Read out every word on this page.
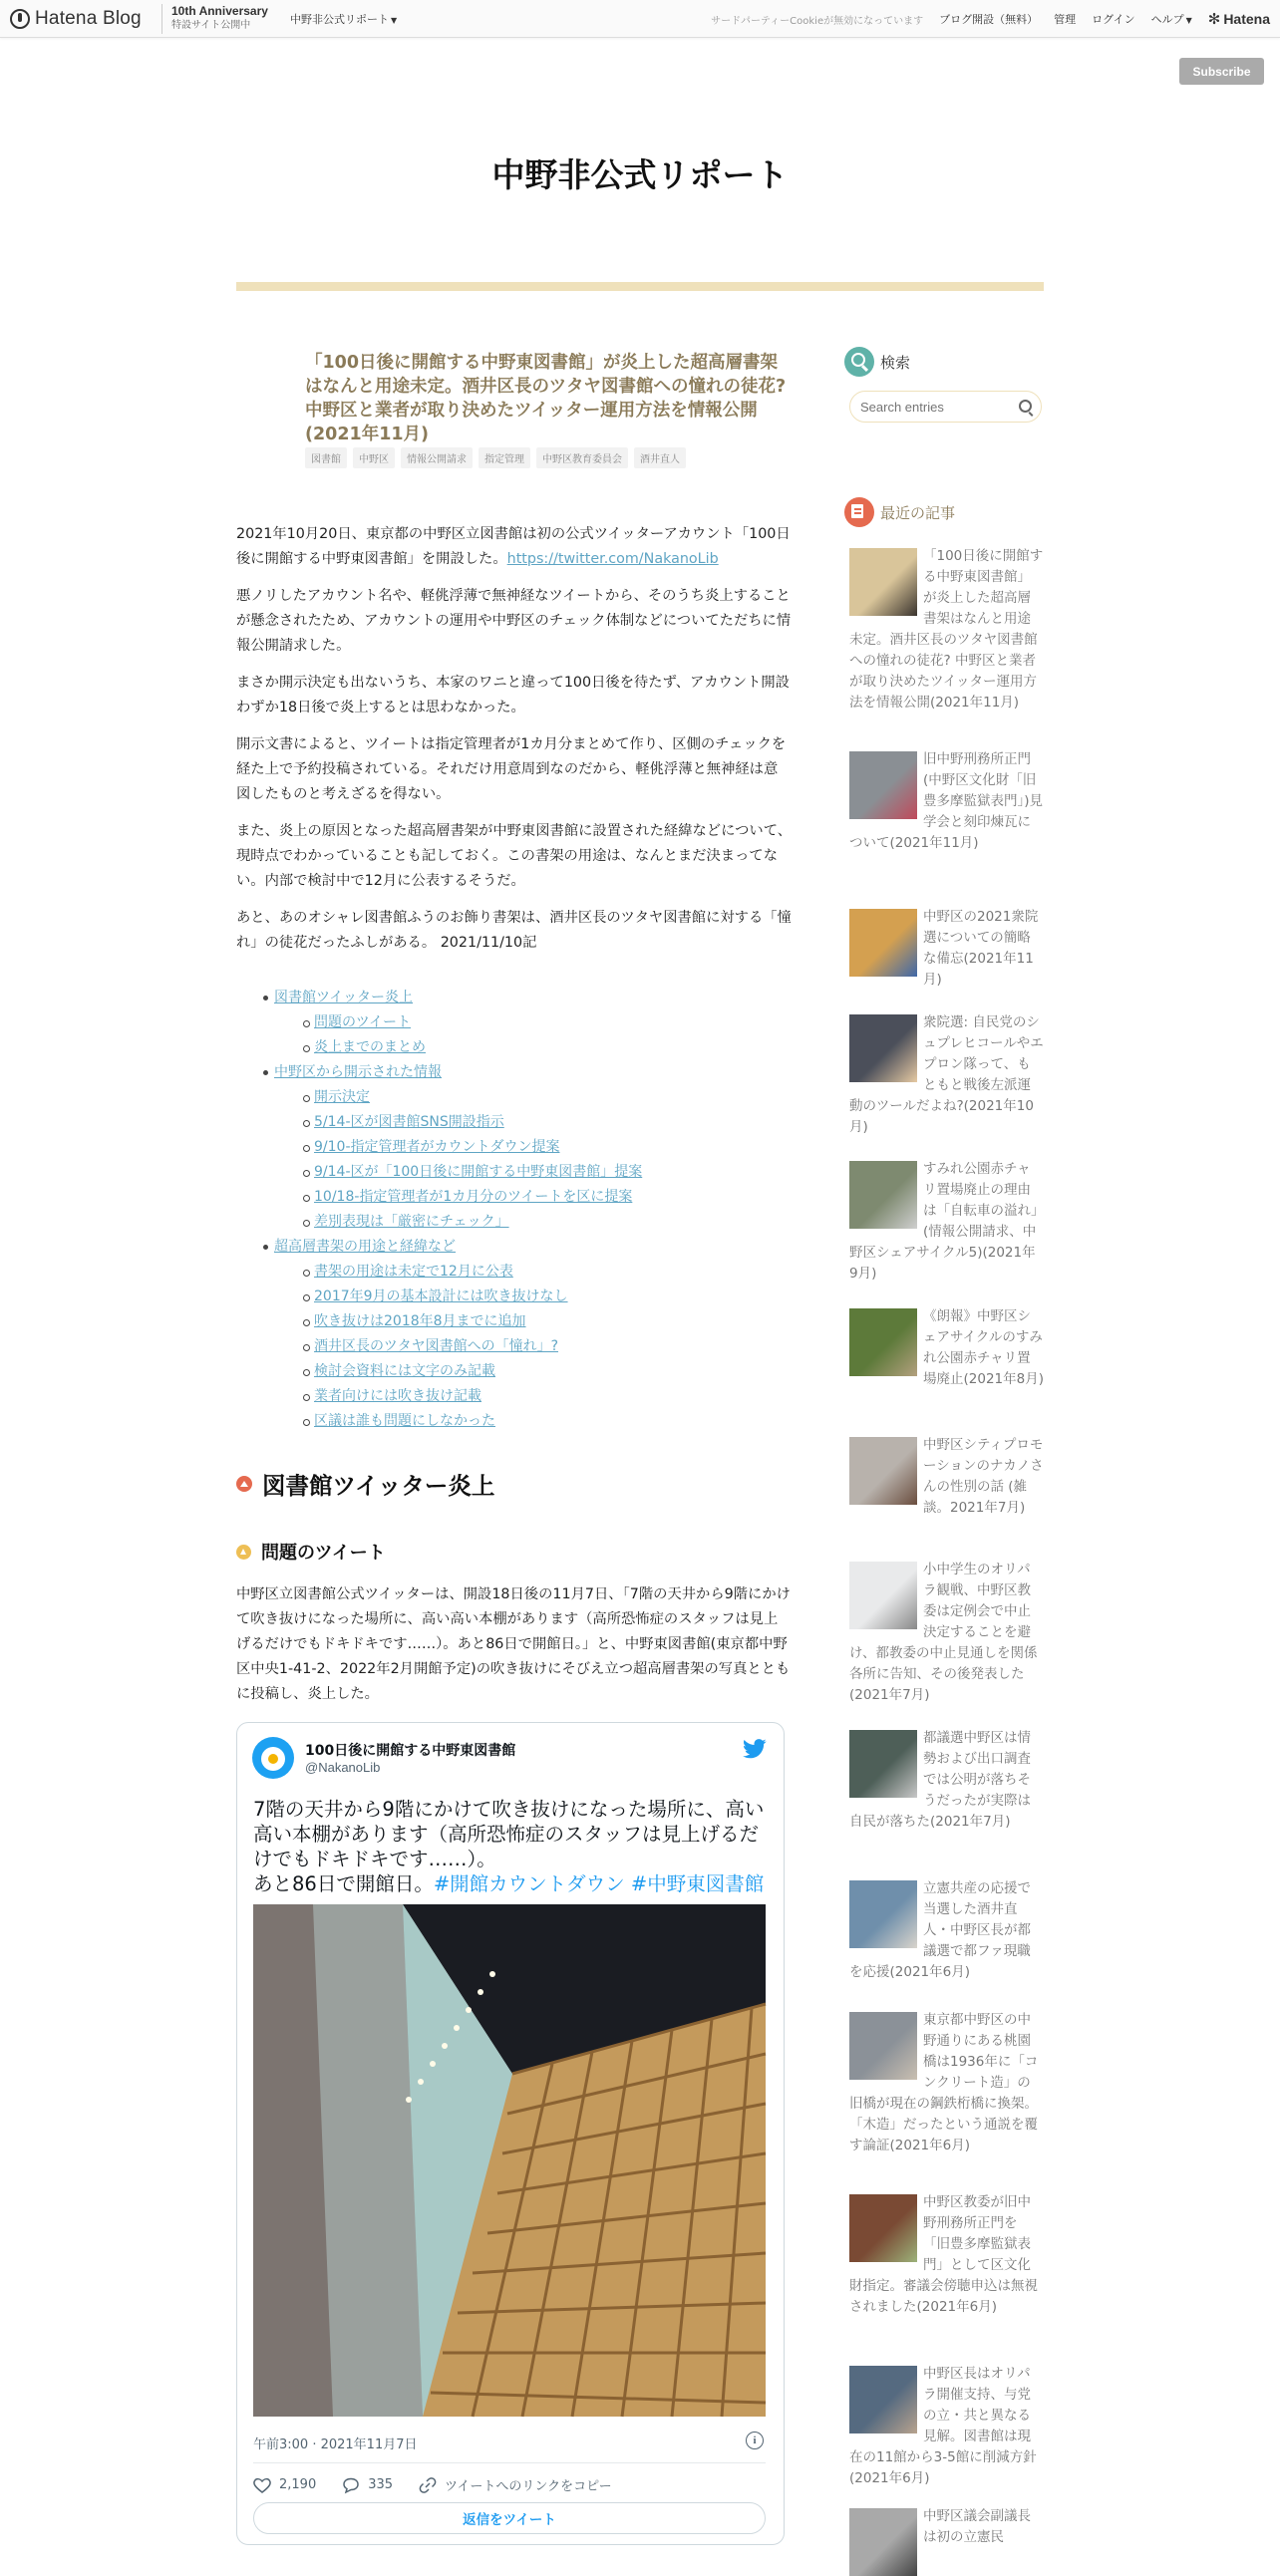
Hatena Blog	10th Anniversary
特設サイト公開中	中野非公式リポート ▼	サードパーティーCookieが無効になっています ブログ開設（無料） 管理 ログイン ヘルプ ▼ ✻ Hatena
Subscribe
中野非公式リポート
「100日後に開館する中野東図書館」が炎上した超高層書架はなんと用途未定。酒井区長のツタヤ図書館への憧れの徒花? 中野区と業者が取り決めたツイッター運用方法を情報公開 (2021年11月)
図書館	中野区	情報公開請求	指定管理	中野区教育委員会	酒井直人

2021年10月20日、東京都の中野区立図書館は初の公式ツイッターアカウント「100日後に開館する中野東図書館」を開設した。https://twitter.com/NakanoLib

悪ノリしたアカウント名や、軽佻浮薄で無神経なツイートから、そのうち炎上することが懸念されたため、アカウントの運用や中野区のチェック体制などについてただちに情報公開請求した。

まさか開示決定も出ないうち、本家のワニと違って100日後を待たず、アカウント開設わずか18日後で炎上するとは思わなかった。

開示文書によると、ツイートは指定管理者が1カ月分まとめて作り、区側のチェックを経た上で予約投稿されている。それだけ用意周到なのだから、軽佻浮薄と無神経は意図したものと考えざるを得ない。

また、炎上の原因となった超高層書架が中野東図書館に設置された経緯などについて、現時点でわかっていることも記しておく。この書架の用途は、なんとまだ決まってない。内部で検討中で12月に公表するそうだ。

あと、あのオシャレ図書館ふうのお飾り書架は、酒井区長のツタヤ図書館に対する「憧れ」の徒花だったふしがある。 2021/11/10記

図書館ツイッター炎上
問題のツイート
炎上までのまとめ
中野区から開示された情報
開示決定
5/14-区が図書館SNS開設指示
9/10-指定管理者がカウントダウン提案
9/14-区が「100日後に開館する中野東図書館」提案
10/18-指定管理者が1カ月分のツイートを区に提案
差別表現は「厳密にチェック」
超高層書架の用途と経緯など
書架の用途は未定で12月に公表
2017年9月の基本設計には吹き抜けなし
吹き抜けは2018年8月までに追加
酒井区長のツタヤ図書館への「憧れ」?
検討会資料には文字のみ記載
業者向けには吹き抜け記載
区議は誰も問題にしなかった
図書館ツイッター炎上
問題のツイート

中野区立図書館公式ツイッターは、開設18日後の11月7日、「7階の天井から9階にかけて吹き抜けになった場所に、高い高い本棚があります（高所恐怖症のスタッフは見上げるだけでもドキドキです……）。あと86日で開館日。」と、中野東図書館(東京都中野区中央1-41-2、2022年2月開館予定)の吹き抜けにそびえ立つ超高層書架の写真とともに投稿し、炎上した。

100日後に開館する中野東図書館
@NakanoLib
7階の天井から9階にかけて吹き抜けになった場所に、高い高い本棚があります（高所恐怖症のスタッフは見上げるだけでもドキドキです……）。
あと86日で開館日。#開館カウントダウン #中野東図書館
午前3:00 · 2021年11月7日	i
2,190	335	ツイートへのリンクをコピー
返信をツイート
検索
Search entries
最近の記事
「100日後に開館する中野東図書館」が炎上した超高層書架はなんと用途未定。酒井区長のツタヤ図書館への憧れの徒花? 中野区と業者が取り決めたツイッター運用方法を情報公開(2021年11月)
旧中野刑務所正門(中野区文化財「旧豊多摩監獄表門」)見学会と刻印煉瓦について(2021年11月)
中野区の2021衆院選についての簡略な備忘(2021年11月)
衆院選: 自民党のシュプレヒコールやエプロン隊って、もともと戦後左派運動のツールだよね?(2021年10月)
すみれ公園赤チャリ置場廃止の理由は「自転車の溢れ」(情報公開請求、中野区シェアサイクル5)(2021年9月)
《朗報》中野区シェアサイクルのすみれ公園赤チャリ置場廃止(2021年8月)
中野区シティプロモーションのナカノさんの性別の話 (雑談。2021年7月)
小中学生のオリパラ観戦、中野区教委は定例会で中止決定することを避け、都教委の中止見通しを関係各所に告知、その後発表した(2021年7月)
都議選中野区は情勢および出口調査では公明が落ちそうだったが実際は自民が落ちた(2021年7月)
立憲共産の応援で当選した酒井直人・中野区長が都議選で都ファ現職を応援(2021年6月)
東京都中野区の中野通りにある桃園橋は1936年に「コンクリート造」の旧橋が現在の鋼鉄桁橋に換架。「木造」だったという通説を覆す論証(2021年6月)
中野区教委が旧中野刑務所正門を「旧豊多摩監獄表門」として区文化財指定。審議会傍聴申込は無視されました(2021年6月)
中野区長はオリパラ開催支持、与党の立・共と異なる見解。図書館は現在の11館から3-5館に削減方針(2021年6月)
中野区議会副議長は初の立憲民
